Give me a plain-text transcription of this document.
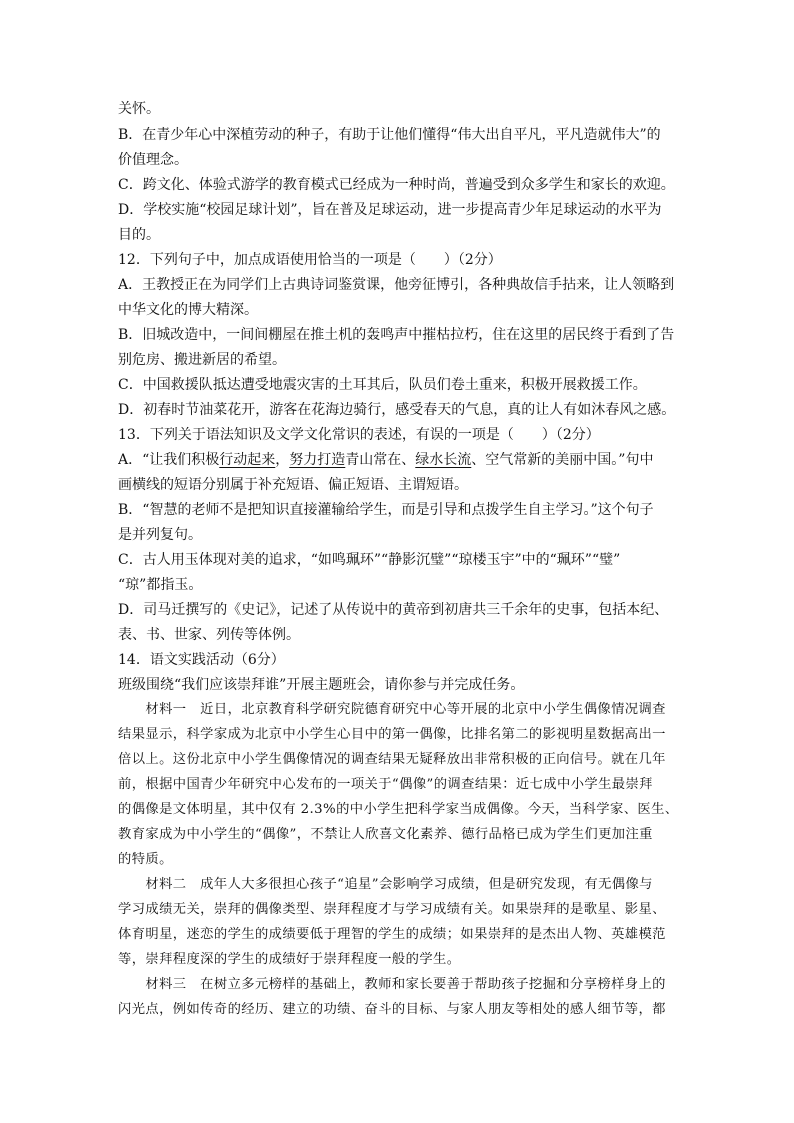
关怀。
B．在青少年心中深植劳动的种子，有助于让他们懂得“伟大出自平凡，平凡造就伟大”的
价值理念。
C．跨文化、体验式游学的教育模式已经成为一种时尚，普遍受到众多学生和家长的欢迎。
D．学校实施“校园足球计划”，旨在普及足球运动，进一步提高青少年足球运动的水平为
目的。
12．下列句子中，加点成语使用恰当的一项是（　　）（2分）
A．王教授正在为同学们上古典诗词鉴赏课，他旁征博引，各种典故信手拈来，让人领略到
中华文化的博大精深。
B．旧城改造中，一间间棚屋在推土机的轰鸣声中摧枯拉朽，住在这里的居民终于看到了告
别危房、搬进新居的希望。
C．中国救援队抵达遭受地震灾害的土耳其后，队员们卷土重来，积极开展救援工作。
D．初春时节油菜花开，游客在花海边骑行，感受春天的气息，真的让人有如沐春风之感。
13．下列关于语法知识及文学文化常识的表述，有误的一项是（　　）（2分）
A．“让我们积极行动起来，努力打造青山常在、绿水长流、空气常新的美丽中国。”句中
画横线的短语分别属于补充短语、偏正短语、主谓短语。
B．“智慧的老师不是把知识直接灌输给学生，而是引导和点拨学生自主学习。”这个句子
是并列复句。
C．古人用玉体现对美的追求，“如鸣珮环”“静影沉璧”“琼楼玉宇”中的“珮环”“璧”
“琼”都指玉。
D．司马迁撰写的《史记》，记述了从传说中的黄帝到初唐共三千余年的史事，包括本纪、
表、书、世家、列传等体例。
14．语文实践活动（6分）
班级围绕“我们应该崇拜谁”开展主题班会，请你参与并完成任务。
　　材料一　近日，北京教育科学研究院德育研究中心等开展的北京中小学生偶像情况调查
结果显示，科学家成为北京中小学生心目中的第一偶像，比排名第二的影视明星数据高出一
倍以上。这份北京中小学生偶像情况的调查结果无疑释放出非常积极的正向信号。就在几年
前，根据中国青少年研究中心发布的一项关于“偶像”的调查结果：近七成中小学生最崇拜
的偶像是文体明星，其中仅有 2.3%的中小学生把科学家当成偶像。今天，当科学家、医生、
教育家成为中小学生的“偶像”，不禁让人欣喜文化素养、德行品格已成为学生们更加注重
的特质。
　　材料二　成年人大多很担心孩子“追星”会影响学习成绩，但是研究发现，有无偶像与
学习成绩无关，崇拜的偶像类型、崇拜程度才与学习成绩有关。如果崇拜的是歌星、影星、
体育明星，迷恋的学生的成绩要低于理智的学生的成绩；如果崇拜的是杰出人物、英雄模范
等，崇拜程度深的学生的成绩好于崇拜程度一般的学生。
　　材料三　在树立多元榜样的基础上，教师和家长要善于帮助孩子挖掘和分享榜样身上的
闪光点，例如传奇的经历、建立的功绩、奋斗的目标、与家人朋友等相处的感人细节等，都
